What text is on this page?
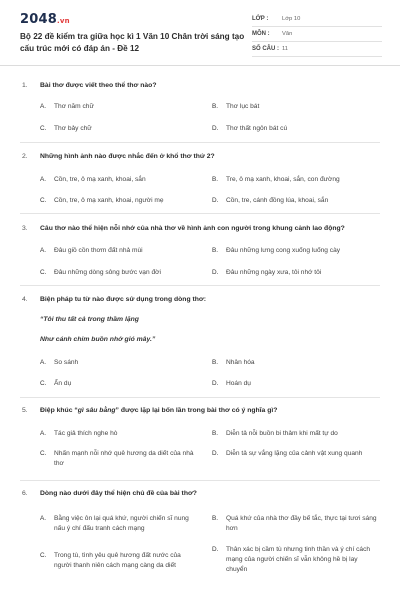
2048.vn
Bộ 22 đề kiểm tra giữa học kì 1 Văn 10 Chân trời sáng tạo cấu trúc mới có đáp án - Đề 12
LỚP :	Lớp 10
MÔN :	Văn
SỐ CÂU : 11
1.	Bài thơ được viết theo thể thơ nào?
A.	Thơ năm chữ	B.	Thơ lục bát
C.	Thơ bảy chữ	D.	Thơ thất ngôn bát cú
2.	Những hình ảnh nào được nhắc đến ở khổ thơ thứ 2?
A.	Cồn, tre, ô mạ xanh, khoai, sắn	B.	Tre, ô mạ xanh, khoai, sắn, con đường
C.	Cồn, tre, ô mạ xanh, khoai, người mẹ	D.	Cồn, tre, cánh đồng lúa, khoai, sắn
3.	Câu thơ nào thể hiện nỗi nhớ của nhà thơ về hình ảnh con người trong khung cảnh lao động?
A.	Đâu giồ cồn thơm đất nhả mùi	B.	Đâu những lưng cong xuống luống cày
C.	Đâu những dòng sông bước vạn đời	D.	Đâu những ngày xưa, tôi nhớ tôi
4.	Biện pháp tu từ nào được sử dụng trong dòng thơ:
“Tôi thu tất cả trong thầm lặng
Như cánh chim buồn nhớ gió mây.”
A.	So sánh	B.	Nhân hóa
C.	Ẩn dụ	D.	Hoán dụ
5.	Điệp khúc “gì sâu bằng” được lặp lại bốn lần trong bài thơ có ý nghĩa gì?
A.	Tác giả thích nghe hò	B.	Diễn tả nỗi buồn bi thảm khi mất tự do
C.	Nhấn mạnh nỗi nhớ quê hương da diết của nhà thơ
D.	Diễn tả sự vắng lặng của cảnh vật xung quanh
6.	Dòng nào dưới đây thể hiện chủ đề của bài thơ?
A.	Bằng việc ôn lại quá khứ, người chiến sĩ nung nấu ý chí đấu tranh cách mạng
B.	Quá khứ của nhà thơ đầy bế tắc, thực tại tươi sáng hơn
C.	Trong tù, tình yêu quê hương đất nước của người thanh niên cách mạng càng da diết
D.	Thân xác bị cầm tù nhưng tinh thần và ý chí cách mạng của người chiến sĩ vẫn không hề bị lay chuyển
